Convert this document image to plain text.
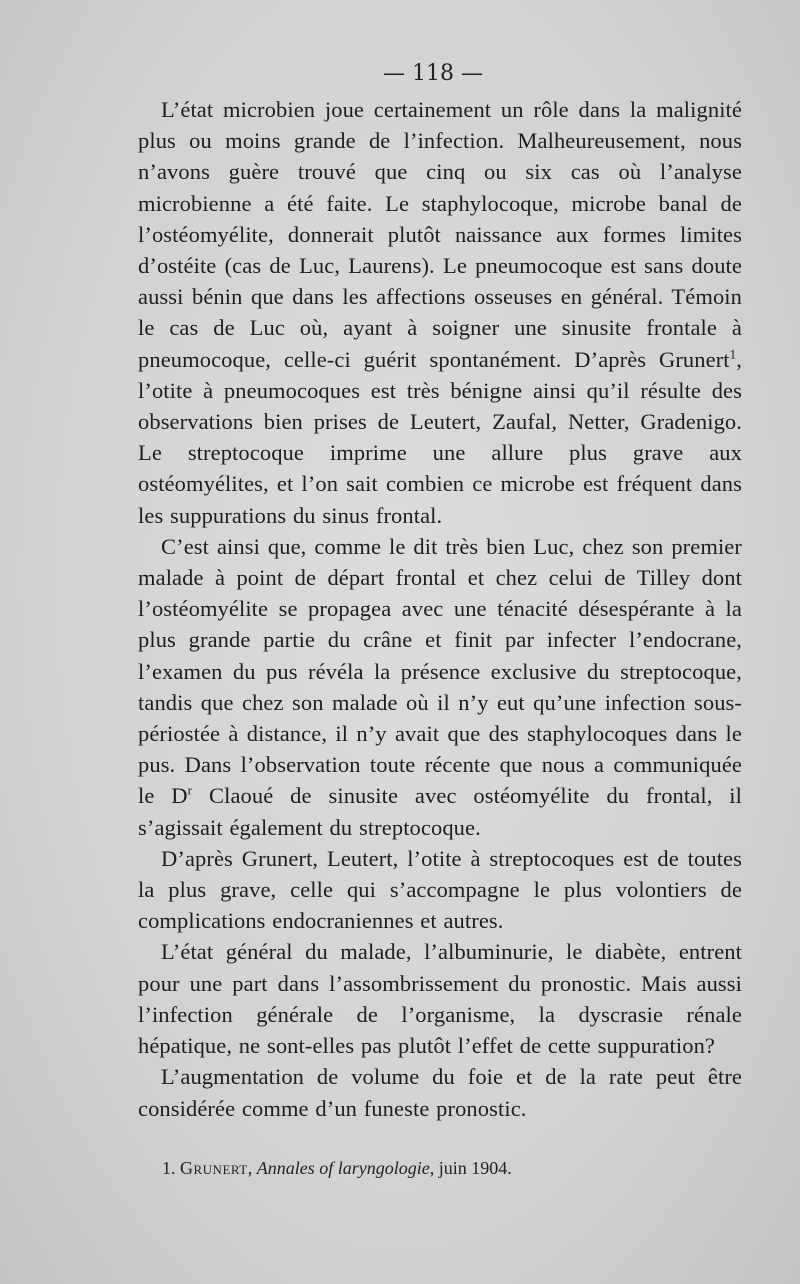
— 118 —

L’état microbien joue certainement un rôle dans la malignité plus ou moins grande de l’infection. Malheureusement, nous n’avons guère trouvé que cinq ou six cas où l’analyse microbienne a été faite. Le staphylocoque, microbe banal de l’ostéomyélite, donnerait plutôt naissance aux formes limites d’ostéite (cas de Luc, Laurens). Le pneumocoque est sans doute aussi bénin que dans les affections osseuses en général. Témoin le cas de Luc où, ayant à soigner une sinusite frontale à pneumocoque, celle-ci guérit spontanément. D’après Grunert$^1$, l’otite à pneumocoques est très bénigne ainsi qu’il résulte des observations bien prises de Leutert, Zaufal, Netter, Gradenigo. Le streptocoque imprime une allure plus grave aux ostéomyélites, et l’on sait combien ce microbe est fréquent dans les suppurations du sinus frontal.

C’est ainsi que, comme le dit très bien Luc, chez son premier malade à point de départ frontal et chez celui de Tilley dont l’ostéomyélite se propagea avec une ténacité désespérante à la plus grande partie du crâne et finit par infecter l’endocrane, l’examen du pus révéla la présence exclusive du streptocoque, tandis que chez son malade où il n’y eut qu’une infection sous-périostée à distance, il n’y avait que des staphylocoques dans le pus. Dans l’observation toute récente que nous a communiquée le $D^r$ Claoué de sinusite avec ostéomyélite du frontal, il s’agissait également du streptocoque.

D’après Grunert, Leutert, l’otite à streptocoques est de toutes la plus grave, celle qui s’accompagne le plus volontiers de complications endocraniennes et autres.

L’état général du malade, l’albuminurie, le diabète, entrent pour une part dans l’assombrissement du pronostic. Mais aussi l’infection générale de l’organisme, la dyscrasie rénale hépatique, ne sont-elles pas plutôt l’effet de cette suppuration?

L’augmentation de volume du foie et de la rate peut être considérée comme d’un funeste pronostic.

1. Grunert, Annales of laryngologie, juin 1904.
